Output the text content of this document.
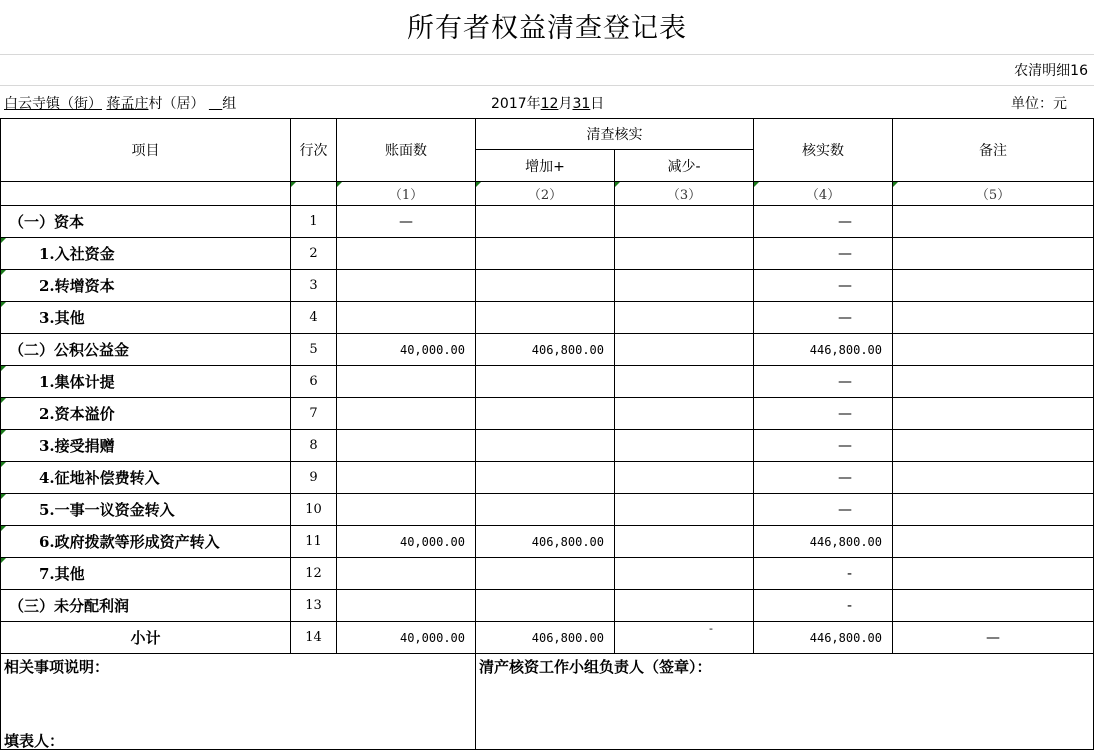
所有者权益清查登记表
农清明细16
白云寺镇（街） 蒋孟庄村（居） 组	2017年12月31日	单位：元
项目	行次	账面数	清查核实		核实数	备注
			增加+	减少-		
		（1）	（2）	（3）	（4）	（5）
（一）资本	1	—			—	
1.入社资金	2				—	
2.转增资本	3				—	
3.其他	4				—	
（二）公积公益金	5	40,000.00	406,800.00		446,800.00	
1.集体计提	6				—	
2.资本溢价	7				—	
3.接受捐赠	8				—	
4.征地补偿费转入	9				—	
5.一事一议资金转入	10				—	
6.政府拨款等形成资产转入	11	40,000.00	406,800.00		446,800.00	
7.其他	12				-	
（三）未分配利润	13				-	
小计	14	40,000.00	406,800.00	-	446,800.00	—

相关事项说明：
填表人：			清产核资工作小组负责人（签章）：			
